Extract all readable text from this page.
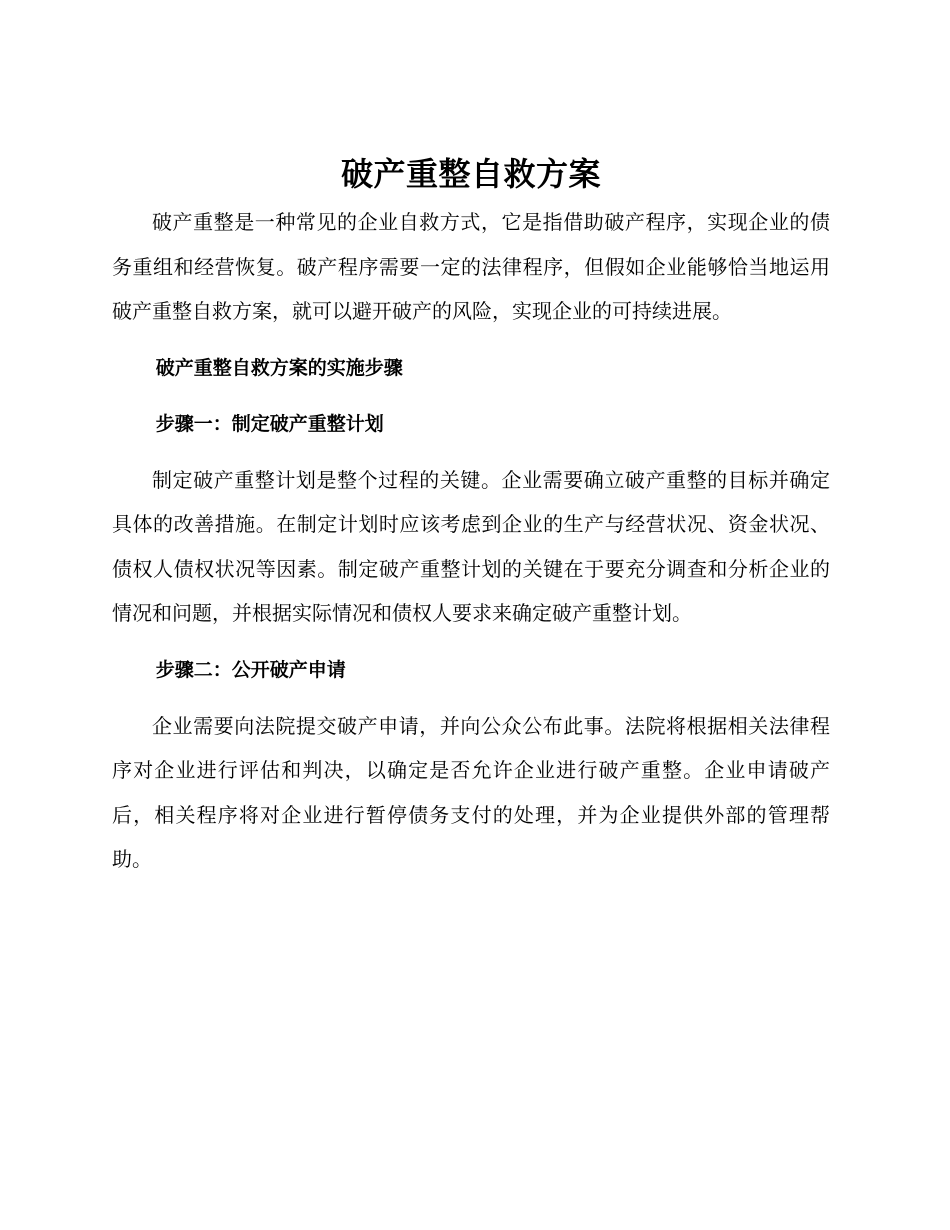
破产重整自救方案

破产重整是一种常见的企业自救方式，它是指借助破产程序，实现企业的债务重组和经营恢复。破产程序需要一定的法律程序，但假如企业能够恰当地运用破产重整自救方案，就可以避开破产的风险，实现企业的可持续进展。

破产重整自救方案的实施步骤
步骤一：制定破产重整计划

制定破产重整计划是整个过程的关键。企业需要确立破产重整的目标并确定具体的改善措施。在制定计划时应该考虑到企业的生产与经营状况、资金状况、债权人债权状况等因素。制定破产重整计划的关键在于要充分调查和分析企业的情况和问题，并根据实际情况和债权人要求来确定破产重整计划。

步骤二：公开破产申请

企业需要向法院提交破产申请，并向公众公布此事。法院将根据相关法律程序对企业进行评估和判决，以确定是否允许企业进行破产重整。企业申请破产后，相关程序将对企业进行暂停债务支付的处理，并为企业提供外部的管理帮助。
